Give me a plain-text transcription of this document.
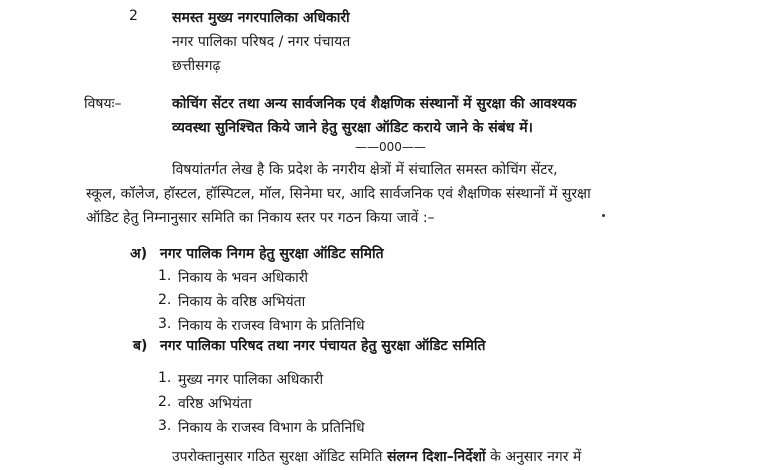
2 समस्त मुख्य नगरपालिका अधिकारी
नगर पालिका परिषद / नगर पंचायत
छत्तीसगढ़
विषयः–	कोचिंग सेंटर तथा अन्य सार्वजनिक एवं शैक्षणिक संस्थानों में सुरक्षा की आवश्यक
व्यवस्था सुनिश्चित किये जाने हेतु सुरक्षा ऑडिट कराये जाने के संबंध में।
——000——
विषयांतर्गत लेख है कि प्रदेश के नगरीय क्षेत्रों में संचालित समस्त कोचिंग सेंटर,
स्कूल, कॉलेज, हॉस्टल, हॉस्पिटल, मॉल, सिनेमा घर, आदि सार्वजनिक एवं शैक्षणिक संस्थानों में सुरक्षा
ऑडिट हेतु निम्नानुसार समिति का निकाय स्तर पर गठन किया जावें :–
अ) नगर पालिक निगम हेतु सुरक्षा ऑडिट समिति
1. निकाय के भवन अधिकारी
2. निकाय के वरिष्ठ अभियंता
3. निकाय के राजस्व विभाग के प्रतिनिधि
ब) नगर पालिका परिषद तथा नगर पंचायत हेतु सुरक्षा ऑडिट समिति
1. मुख्य नगर पालिका अधिकारी
2. वरिष्ठ अभियंता
3. निकाय के राजस्व विभाग के प्रतिनिधि
उपरोक्तानुसार गठित सुरक्षा ऑडिट समिति संलग्न दिशा–निर्देशों के अनुसार नगर में
